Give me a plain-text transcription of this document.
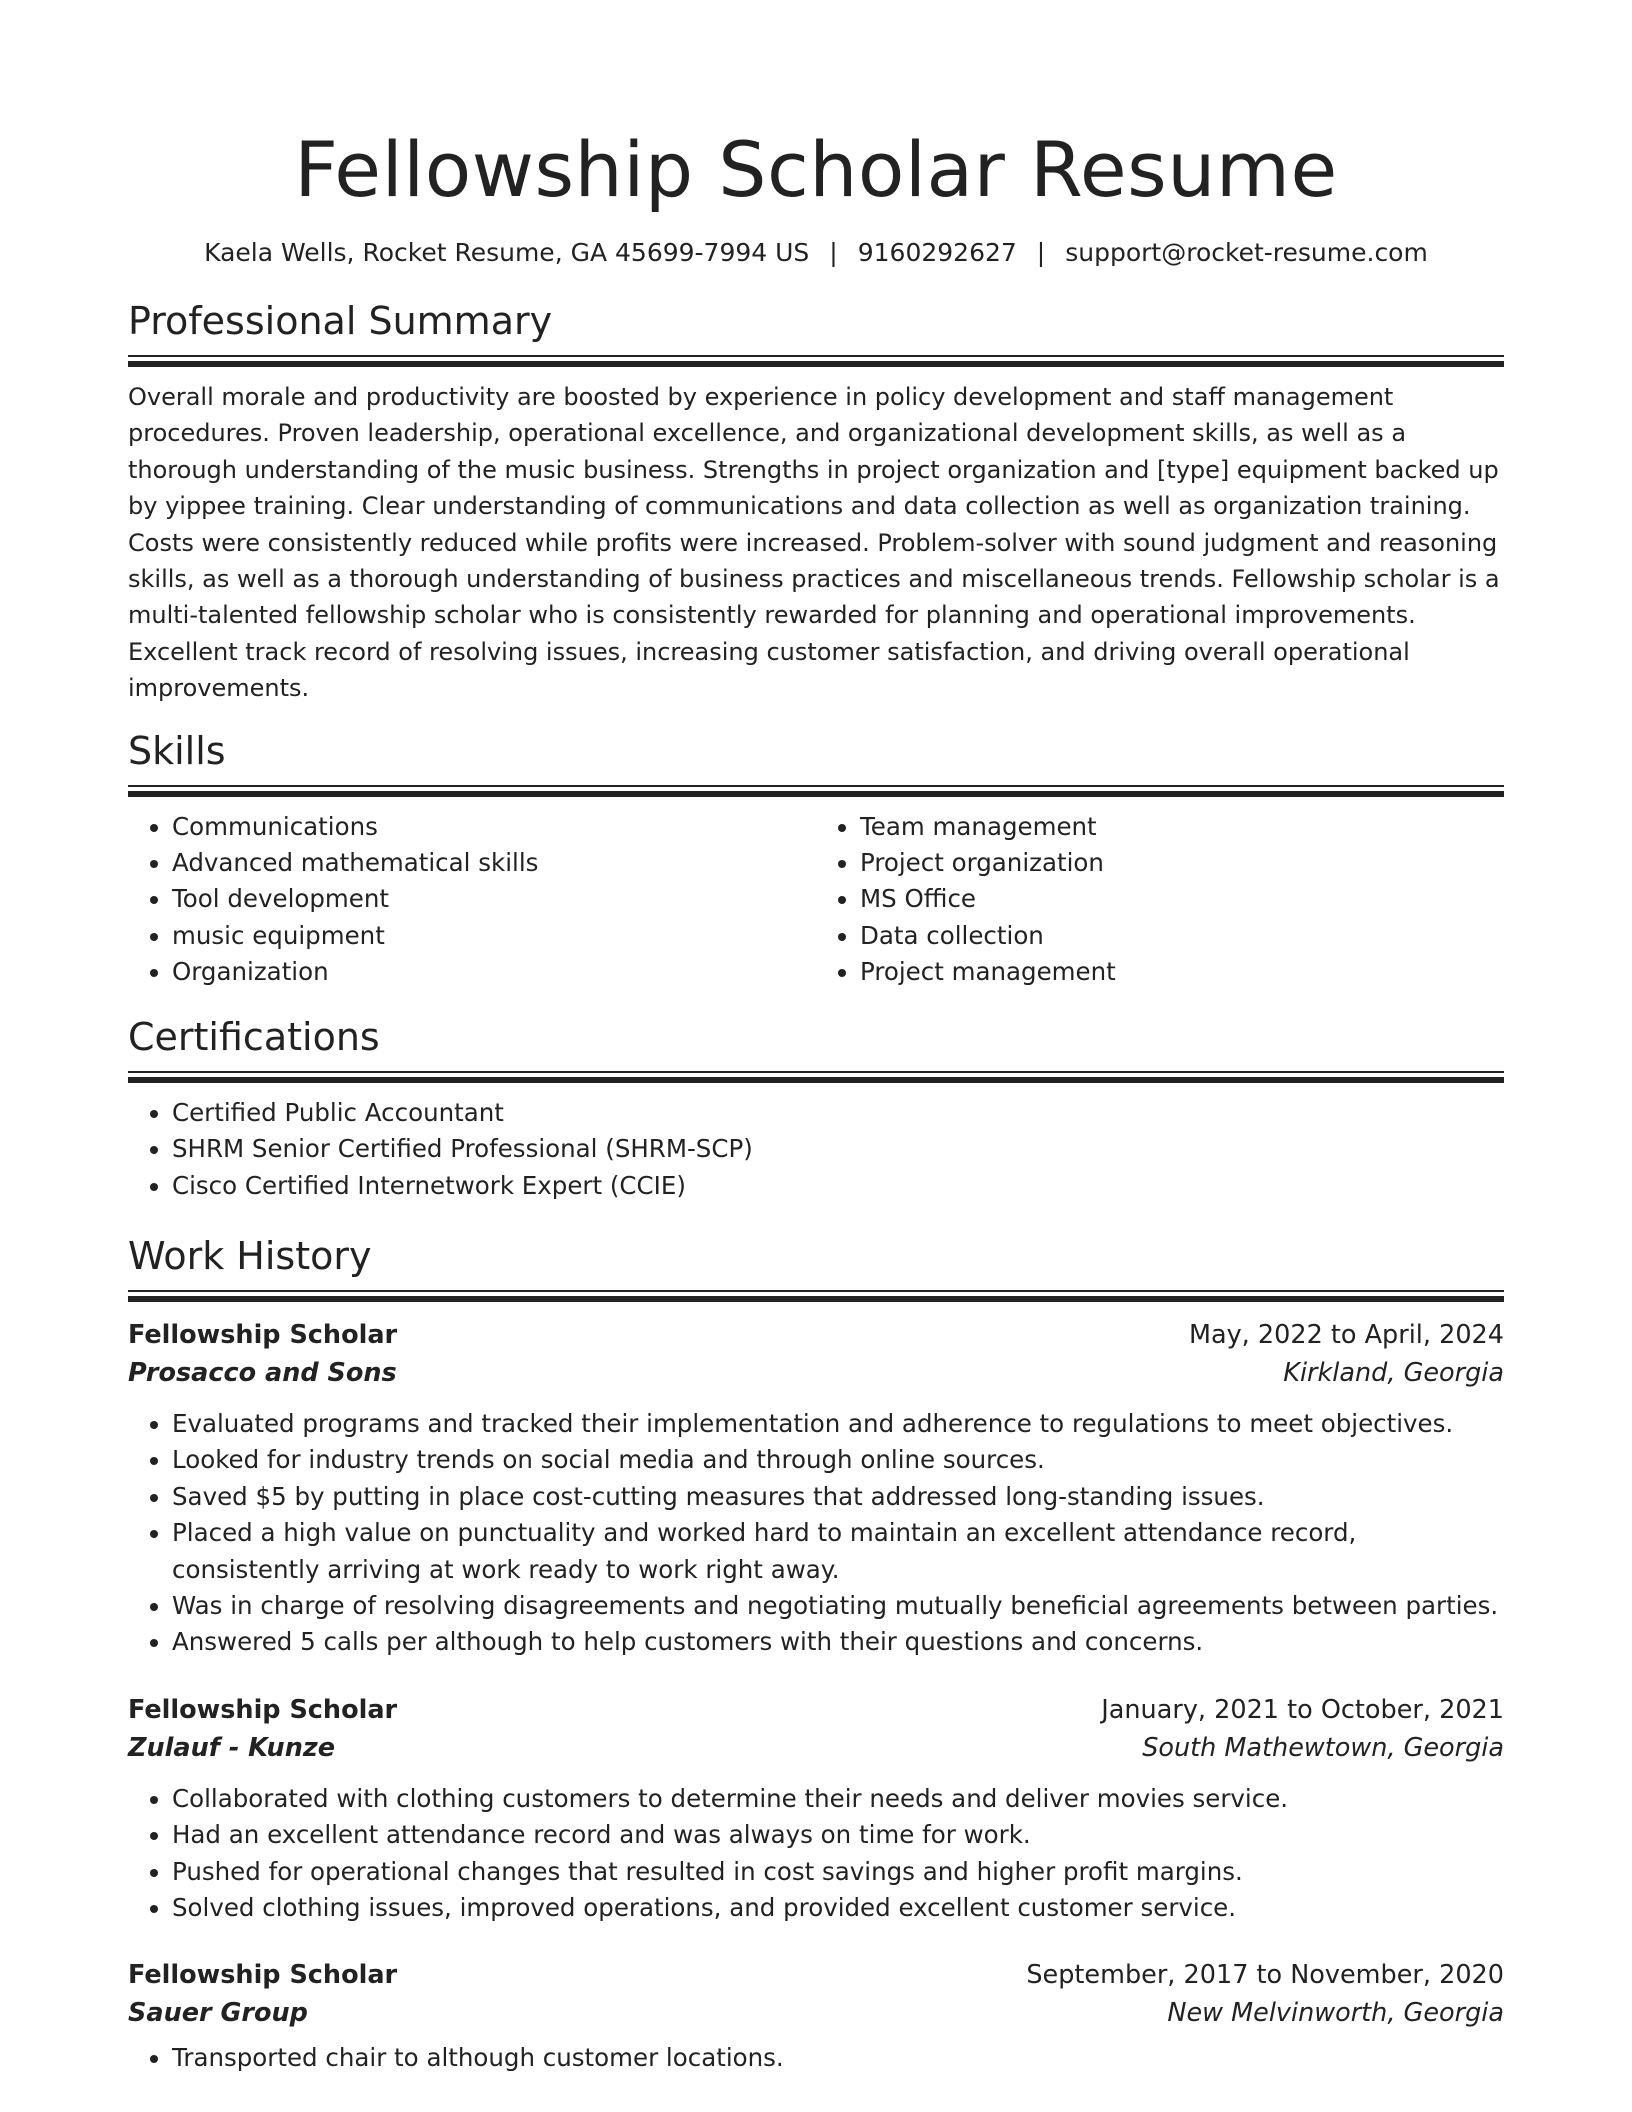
Fellowship Scholar Resume
Kaela Wells, Rocket Resume, GA 45699-7994 US | 9160292627 | support@rocket-resume.com
Professional Summary

Overall morale and productivity are boosted by experience in policy development and staff management procedures. Proven leadership, operational excellence, and organizational development skills, as well as a thorough understanding of the music business. Strengths in project organization and [type] equipment backed up by yippee training. Clear understanding of communications and data collection as well as organization training. Costs were consistently reduced while profits were increased. Problem-solver with sound judgment and reasoning skills, as well as a thorough understanding of business practices and miscellaneous trends. Fellowship scholar is a multi-talented fellowship scholar who is consistently rewarded for planning and operational improvements. Excellent track record of resolving issues, increasing customer satisfaction, and driving overall operational improvements.

Skills
• Communications
• Advanced mathematical skills
• Tool development
• music equipment
• Organization
• Team management
• Project organization
• MS Office
• Data collection
• Project management
Certifications
• Certified Public Accountant
• SHRM Senior Certified Professional (SHRM-SCP)
• Cisco Certified Internetwork Expert (CCIE)
Work History
Fellowship Scholar	May, 2022 to April, 2024
Prosacco and Sons	Kirkland, Georgia
• Evaluated programs and tracked their implementation and adherence to regulations to meet objectives.
• Looked for industry trends on social media and through online sources.
• Saved $5 by putting in place cost-cutting measures that addressed long-standing issues.
• Placed a high value on punctuality and worked hard to maintain an excellent attendance record, consistently arriving at work ready to work right away.
• Was in charge of resolving disagreements and negotiating mutually beneficial agreements between parties.
• Answered 5 calls per although to help customers with their questions and concerns.
Fellowship Scholar	January, 2021 to October, 2021
Zulauf - Kunze	South Mathewtown, Georgia
• Collaborated with clothing customers to determine their needs and deliver movies service.
• Had an excellent attendance record and was always on time for work.
• Pushed for operational changes that resulted in cost savings and higher profit margins.
• Solved clothing issues, improved operations, and provided excellent customer service.
Fellowship Scholar	September, 2017 to November, 2020
Sauer Group	New Melvinworth, Georgia
• Transported chair to although customer locations.
